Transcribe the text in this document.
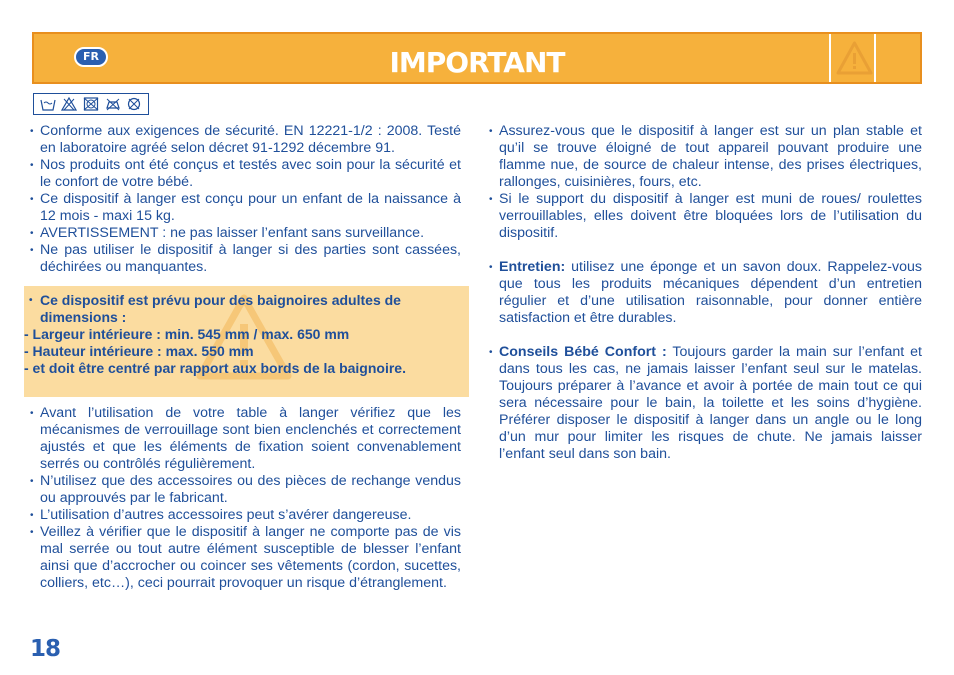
FR	IMPORTANT
• Conforme aux exigences de sécurité. EN 12221-1/2 : 2008. Testé en laboratoire agréé selon décret 91-1292 décembre 91.
• Nos produits ont été conçus et testés avec soin pour la sécurité et le confort de votre bébé.
• Ce dispositif à langer est conçu pour un enfant de la naissance à 12 mois - maxi 15 kg.
• AVERTISSEMENT : ne pas laisser l’enfant sans surveillance.
• Ne pas utiliser le dispositif à langer si des parties sont cassées, déchirées ou manquantes.
• Ce dispositif est prévu pour des baignoires adultes de dimensions :
- Largeur intérieure : min. 545 mm / max. 650 mm
- Hauteur intérieure : max. 550 mm
- et doit être centré par rapport aux bords de la baignoire.
• Avant l’utilisation de votre table à langer vérifiez que les mécanismes de verrouillage sont bien enclenchés et correctement ajustés et que les éléments de fixation soient convenablement serrés ou contrôlés régulièrement.
• N’utilisez que des accessoires ou des pièces de rechange vendus ou approuvés par le fabricant.
• L’utilisation d’autres accessoires peut s’avérer dangereuse.
• Veillez à vérifier que le dispositif à langer ne comporte pas de vis mal serrée ou tout autre élément susceptible de blesser l’enfant ainsi que d’accrocher ou coincer ses vêtements (cordon, sucettes, colliers, etc…), ceci pourrait provoquer un risque d’étranglement.
• Assurez-vous que le dispositif à langer est sur un plan stable et qu’il se trouve éloigné de tout appareil pouvant produire une flamme nue, de source de chaleur intense, des prises électriques, rallonges, cuisinières, fours, etc.
• Si le support du dispositif à langer est muni de roues/ roulettes verrouillables, elles doivent être bloquées lors de l’utilisation du dispositif.
• Entretien: utilisez une éponge et un savon doux. Rappelez-vous que tous les produits mécaniques dépendent d’un entretien régulier et d’une utilisation raisonnable, pour donner entière satisfaction et être durables.
• Conseils Bébé Confort : Toujours garder la main sur l’enfant et dans tous les cas, ne jamais laisser l’enfant seul sur le matelas. Toujours préparer à l’avance et avoir à portée de main tout ce qui sera nécessaire pour le bain, la toilette et les soins d’hygiène. Préférer disposer le dispositif à langer dans un angle ou le long d’un mur pour limiter les risques de chute. Ne jamais laisser l’enfant seul dans son bain.
18
